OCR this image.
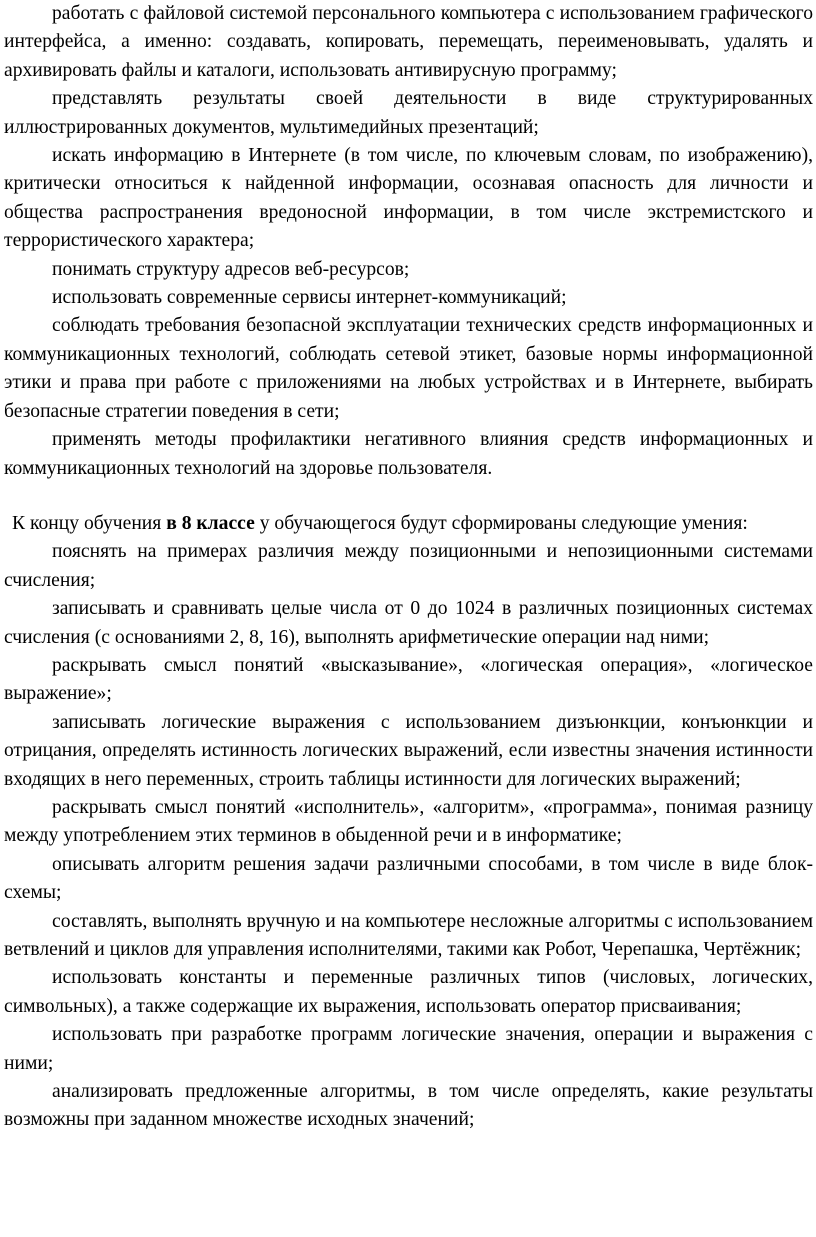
работать с файловой системой персонального компьютера с использованием графического интерфейса, а именно: создавать, копировать, перемещать, переименовывать, удалять и архивировать файлы и каталоги, использовать антивирусную программу;

представлять результаты своей деятельности в виде структурированных иллюстрированных документов, мультимедийных презентаций;

искать информацию в Интернете (в том числе, по ключевым словам, по изображению), критически относиться к найденной информации, осознавая опасность для личности и общества распространения вредоносной информации, в том числе экстремистского и террористического характера;

понимать структуру адресов веб-ресурсов;

использовать современные сервисы интернет-коммуникаций;

соблюдать требования безопасной эксплуатации технических средств информационных и коммуникационных технологий, соблюдать сетевой этикет, базовые нормы информационной этики и права при работе с приложениями на любых устройствах и в Интернете, выбирать безопасные стратегии поведения в сети;

применять методы профилактики негативного влияния средств информационных и коммуникационных технологий на здоровье пользователя.

К концу обучения в 8 классе у обучающегося будут сформированы следующие умения:

пояснять на примерах различия между позиционными и непозиционными системами счисления;

записывать и сравнивать целые числа от 0 до 1024 в различных позиционных системах счисления (с основаниями 2, 8, 16), выполнять арифметические операции над ними;

раскрывать смысл понятий «высказывание», «логическая операция», «логическое выражение»;

записывать логические выражения с использованием дизъюнкции, конъюнкции и отрицания, определять истинность логических выражений, если известны значения истинности входящих в него переменных, строить таблицы истинности для логических выражений;

раскрывать смысл понятий «исполнитель», «алгоритм», «программа», понимая разницу между употреблением этих терминов в обыденной речи и в информатике;

описывать алгоритм решения задачи различными способами, в том числе в виде блок-схемы;

составлять, выполнять вручную и на компьютере несложные алгоритмы с использованием ветвлений и циклов для управления исполнителями, такими как Робот, Черепашка, Чертёжник;

использовать константы и переменные различных типов (числовых, логических, символьных), а также содержащие их выражения, использовать оператор присваивания;

использовать при разработке программ логические значения, операции и выражения с ними;

анализировать предложенные алгоритмы, в том числе определять, какие результаты возможны при заданном множестве исходных значений;
